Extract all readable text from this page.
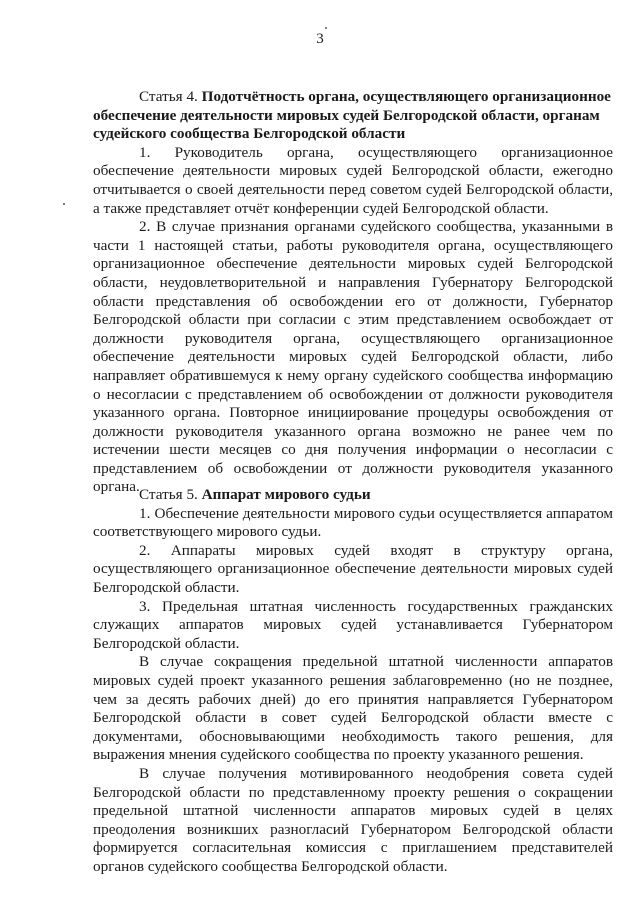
3

Статья 4. Подотчётность органа, осуществляющего организационное обеспечение деятельности мировых судей Белгородской области, органам судейского сообщества Белгородской области

1. Руководитель органа, осуществляющего организационное обеспечение деятельности мировых судей Белгородской области, ежегодно отчитывается о своей деятельности перед советом судей Белгородской области, а также представляет отчёт конференции судей Белгородской области.

2. В случае признания органами судейского сообщества, указанными в части 1 настоящей статьи, работы руководителя органа, осуществляющего организационное обеспечение деятельности мировых судей Белгородской области, неудовлетворительной и направления Губернатору Белгородской области представления об освобождении его от должности, Губернатор Белгородской области при согласии с этим представлением освобождает от должности руководителя органа, осуществляющего организационное обеспечение деятельности мировых судей Белгородской области, либо направляет обратившемуся к нему органу судейского сообщества информацию о несогласии с представлением об освобождении от должности руководителя указанного органа. Повторное инициирование процедуры освобождения от должности руководителя указанного органа возможно не ранее чем по истечении шести месяцев со дня получения информации о несогласии с представлением об освобождении от должности руководителя указанного органа. Статья 5. Аппарат мирового судьи

1. Обеспечение деятельности мирового судьи осуществляется аппаратом соответствующего мирового судьи.

2. Аппараты мировых судей входят в структуру органа, осуществляющего организационное обеспечение деятельности мировых судей Белгородской области.

3. Предельная штатная численность государственных гражданских служащих аппаратов мировых судей устанавливается Губернатором Белгородской области.

В случае сокращения предельной штатной численности аппаратов мировых судей проект указанного решения заблаговременно (но не позднее, чем за десять рабочих дней) до его принятия направляется Губернатором Белгородской области в совет судей Белгородской области вместе с документами, обосновывающими необходимость такого решения, для выражения мнения судейского сообщества по проекту указанного решения.

В случае получения мотивированного неодобрения совета судей Белгородской области по представленному проекту решения о сокращении предельной штатной численности аппаратов мировых судей в целях преодоления возникших разногласий Губернатором Белгородской области формируется согласительная комиссия с приглашением представителей органов судейского сообщества Белгородской области.
